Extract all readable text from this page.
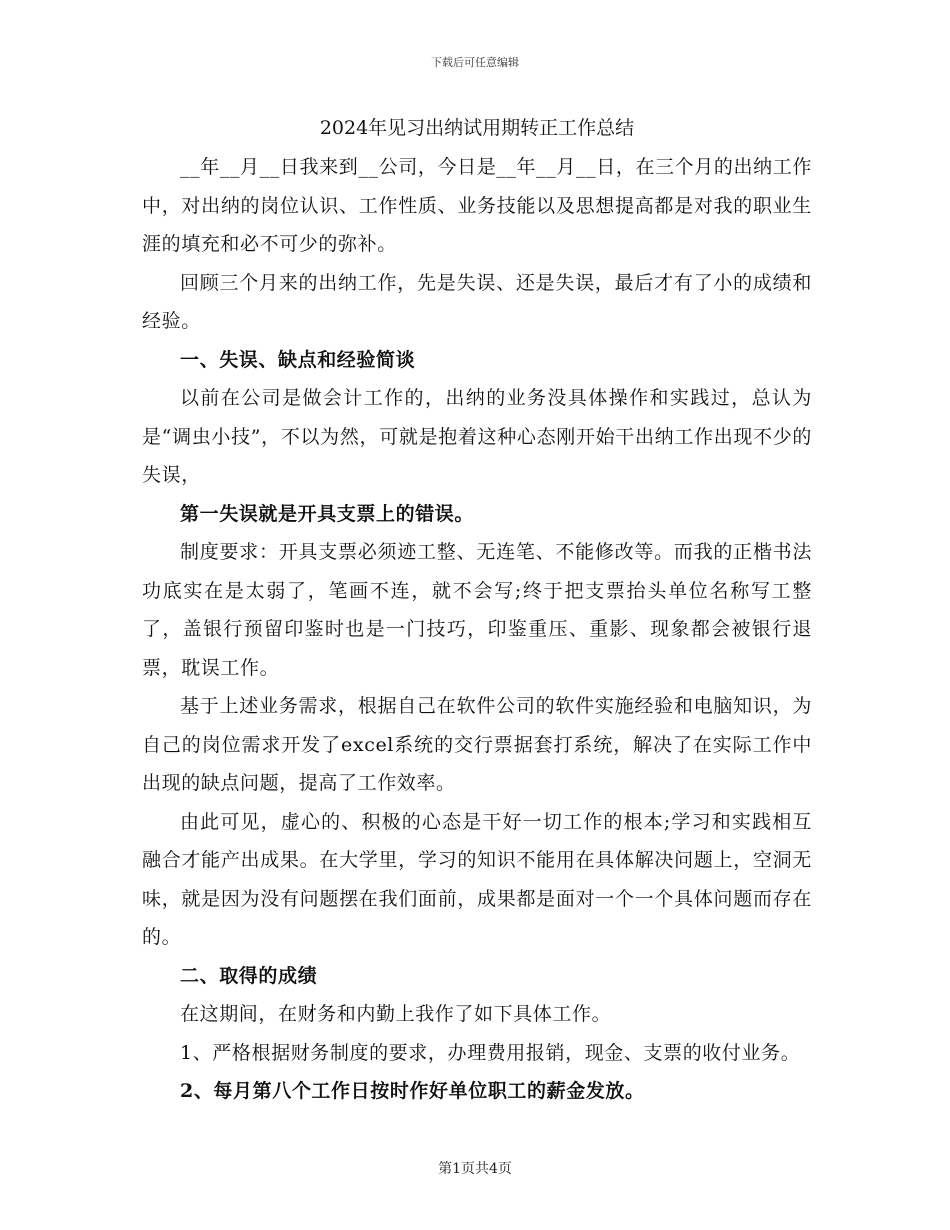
下载后可任意编辑
2024年见习出纳试用期转正工作总结

__年__月__日我来到__公司，今日是__年__月__日，在三个月的出纳工作中，对出纳的岗位认识、工作性质、业务技能以及思想提高都是对我的职业生涯的填充和必不可少的弥补。

回顾三个月来的出纳工作，先是失误、还是失误，最后才有了小的成绩和经验。

一、失误、缺点和经验简谈

以前在公司是做会计工作的，出纳的业务没具体操作和实践过，总认为是“调虫小技”，不以为然，可就是抱着这种心态刚开始干出纳工作出现不少的失误，

第一失误就是开具支票上的错误。

制度要求：开具支票必须迹工整、无连笔、不能修改等。而我的正楷书法功底实在是太弱了，笔画不连，就不会写;终于把支票抬头单位名称写工整了，盖银行预留印鉴时也是一门技巧，印鉴重压、重影、现象都会被银行退票，耽误工作。

基于上述业务需求，根据自己在软件公司的软件实施经验和电脑知识，为自己的岗位需求开发了excel系统的交行票据套打系统，解决了在实际工作中出现的缺点问题，提高了工作效率。

由此可见，虚心的、积极的心态是干好一切工作的根本;学习和实践相互融合才能产出成果。在大学里，学习的知识不能用在具体解决问题上，空洞无味，就是因为没有问题摆在我们面前，成果都是面对一个一个具体问题而存在的。

二、取得的成绩

在这期间，在财务和内勤上我作了如下具体工作。

1、严格根据财务制度的要求，办理费用报销，现金、支票的收付业务。

2、每月第八个工作日按时作好单位职工的薪金发放。

第1页共4页
